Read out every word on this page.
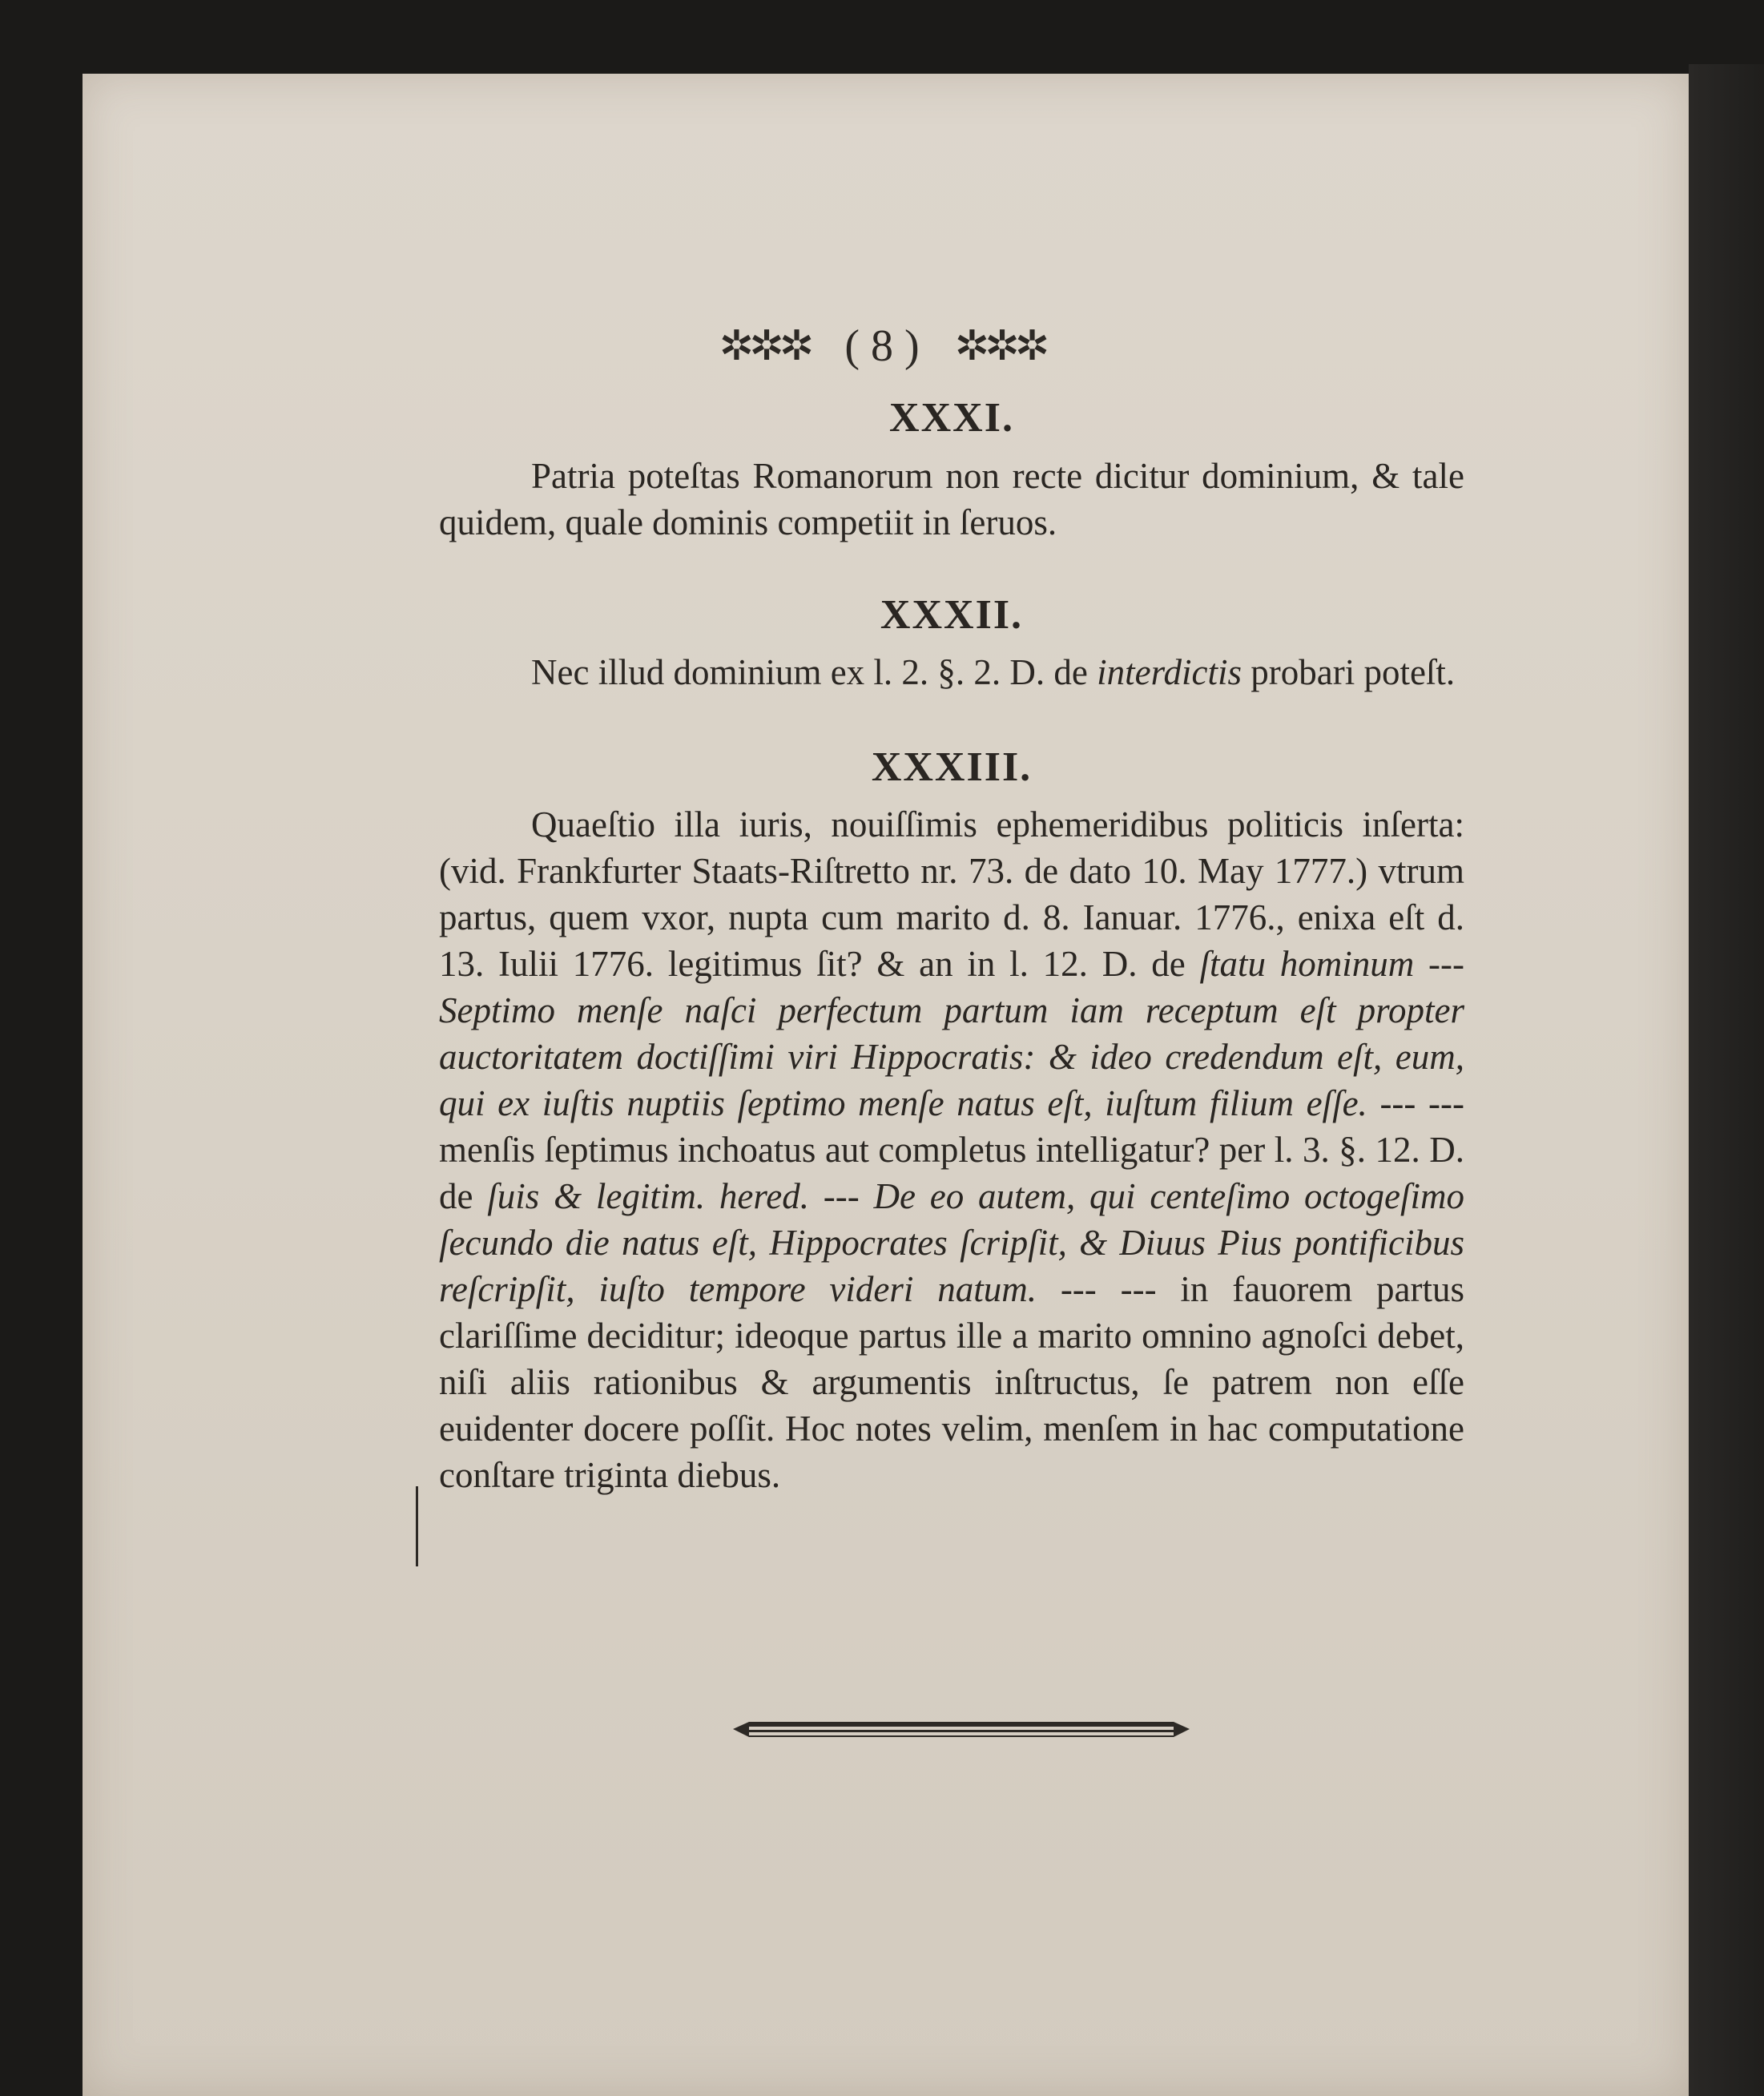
✲✲✲ ( 8 ) ✲✲✲
XXXI.

Patria poteſtas Romanorum non recte dicitur dominium, & tale quidem, quale dominis competiit in ſeruos.

XXXII.

Nec illud dominium ex l. 2. §. 2. D. de interdictis probari poteſt.

XXXIII.

Quaeſtio illa iuris, nouiſſimis ephemeridibus politicis inſerta: (vid. Frankfurter Staats-Riſtretto nr. 73. de dato 10. May 1777.) vtrum partus, quem vxor, nupta cum marito d. 8. Ianuar. 1776., enixa eſt d. 13. Iulii 1776. legitimus ſit? & an in l. 12. D. de ſtatu hominum --- Septimo menſe naſci perfectum partum iam receptum eſt propter auctoritatem doctiſſimi viri Hippocratis: & ideo credendum eſt, eum, qui ex iuſtis nuptiis ſeptimo menſe natus eſt, iuſtum filium eſſe. --- --- menſis ſeptimus inchoatus aut completus intelligatur? per l. 3. §. 12. D. de ſuis & legitim. hered. --- De eo autem, qui centeſimo octogeſimo ſecundo die natus eſt, Hippocrates ſcripſit, & Diuus Pius pontificibus reſcripſit, iuſto tempore videri natum. --- --- in fauorem partus clariſſime deciditur; ideoque partus ille a marito omnino agnoſci debet, niſi aliis rationibus & argumentis inſtructus, ſe patrem non eſſe euidenter docere poſſit. Hoc notes velim, menſem in hac computatione conſtare triginta diebus.
